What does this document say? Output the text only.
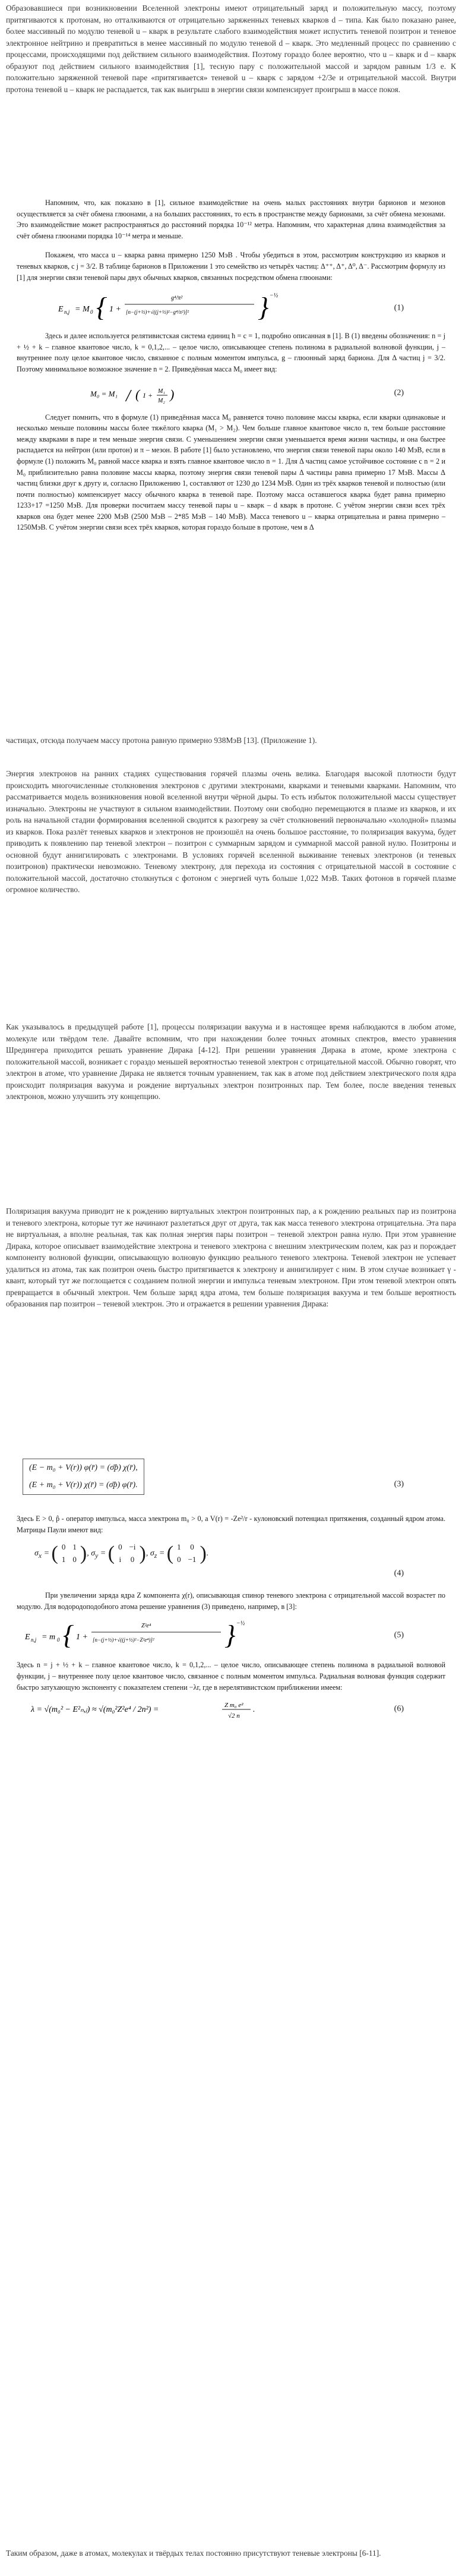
Образовавшиеся при возникновении Вселенной электроны имеют отрицательный заряд и положительную массу, поэтому притягиваются к протонам, но отталкиваются от отрицательно заряженных теневых кварков d – типа. Как было показано ранее, более массивный по модулю теневой u – кварк в результате слабого взаимодействия может испустить теневой позитрон и теневое электронное нейтрино и превратиться в менее массивный по модулю теневой d – кварк. Это медленный процесс по сравнению с процессами, происходящими под действием сильного взаимодействия. Поэтому гораздо более вероятно, что u – кварк и d – кварк образуют под действием сильного взаимодействия [1], тесную пару с положительной массой и зарядом равным 1/3 е. К положительно заряженной теневой паре «притягивается» теневой u – кварк с зарядом +2/3е и отрицательной массой. Внутри протона теневой u – кварк не распадается, так как выигрыш в энергии связи компенсирует проигрыш в массе покоя.

Напомним, что, как показано в [1], сильное взаимодействие на очень малых расстояниях внутри барионов и мезонов осуществляется за счёт обмена глюонами, а на больших расстояниях, то есть в пространстве между барионами, за счёт обмена мезонами. Это взаимодействие может распространяться до расстояний порядка 10⁻¹² метра. Напомним, что характерная длина взаимодействия за счёт обмена глюонами порядка 10⁻¹⁴ метра и меньше.

Покажем, что масса u – кварка равна примерно 1250 МэВ . Чтобы убедиться в этом, рассмотрим конструкцию из кварков и теневых кварков, с j = 3/2. В таблице барионов в Приложении 1 это семейство из четырёх частиц: Δ⁺⁺, Δ⁺, Δ⁰, Δ⁻. Рассмотрим формулу из [1] для энергии связи теневой пары двух обычных кварков, связанных посредством обмена глюонами:

E n,j = M 0 { 1 +
g⁴/π²
[n−(j+½)+√((j+½)²−g⁴/π²)]²	} −½
(1)

Здесь и далее используется релятивистская система единиц ħ = c = 1, подробно описанная в [1]. В (1) введены обозначения: n = j + ½ + k – главное квантовое число, k = 0,1,2,... – целое число, описывающее степень полинома в радиальной волновой функции, j – внутреннее полу целое квантовое число, связанное с полным моментом импульса, g – глюонный заряд бариона. Для Δ частиц j = 3/2. Поэтому минимальное возможное значение n = 2. Приведённая масса M₀ имеет вид:

M₀ = M₁ / ( 1 + M₁
M₂ )	(2)

Следует помнить, что в формуле (1) приведённая масса M₀ равняется точно половине массы кварка, если кварки одинаковые и несколько меньше половины массы более тяжёлого кварка (M₁ > M₂). Чем больше главное квантовое число n, тем больше расстояние между кварками в паре и тем меньше энергия связи. С уменьшением энергии связи уменьшается время жизни частицы, и она быстрее распадается на нейтрон (или протон) и π – мезон. В работе [1] было установлено, что энергия связи теневой пары около 140 МэВ, если в формуле (1) положить M₀ равной массе кварка и взять главное квантовое число n = 1. Для Δ частиц самое устойчивое состояние с n = 2 и M₀ приблизительно равна половине массы кварка, поэтому энергия связи теневой пары Δ частицы равна примерно 17 МэВ. Массы Δ частиц близки друг к другу и, согласно Приложению 1, составляют от 1230 до 1234 МэВ. Один из трёх кварков теневой и полностью (или почти полностью) компенсирует массу обычного кварка в теневой паре. Поэтому масса оставшегося кварка будет равна примерно 1233+17 =1250 МэВ. Для проверки посчитаем массу теневой пары u – кварк – d кварк в протоне. С учётом энергии связи всех трёх кварков она будет менее 2200 МэВ (2500 МэВ – 2*85 МэВ – 140 МэВ). Масса теневого u – кварка отрицательна и равна примерно – 1250МэВ. С учётом энергии связи всех трёх кварков, которая гораздо больше в протоне, чем в Δ

частицах, отсюда получаем массу протона равную примерно 938МэВ [13]. (Приложение 1).

Энергия электронов на ранних стадиях существования горячей плазмы очень велика. Благодаря высокой плотности будут происходить многочисленные столкновения электронов с другими электронами, кварками и теневыми кварками. Напомним, что рассматривается модель возникновения новой вселенной внутри чёрной дыры. То есть избыток положительной массы существует изначально. Электроны не участвуют в сильном взаимодействии. Поэтому они свободно перемещаются в плазме из кварков, и их роль на начальной стадии формирования вселенной сводится к разогреву за счёт столкновений первоначально «холодной» плазмы из кварков. Пока разлёт теневых кварков и электронов не произошёл на очень большое расстояние, то поляризация вакуума, будет приводить к появлению пар теневой электрон – позитрон с суммарным зарядом и суммарной массой равной нулю. Позитроны и основной будут аннигилировать с электронами. В условиях горячей вселенной выживание теневых электронов (и теневых позитронов) практически невозможно. Теневому электрону, для перехода из состояния с отрицательной массой в состояние с положительной массой, достаточно столкнуться с фотоном с энергией чуть больше 1,022 МэВ. Таких фотонов в горячей плазме огромное количество.

Как указывалось в предыдущей работе [1], процессы поляризации вакуума и в настоящее время наблюдаются в любом атоме, молекуле или твёрдом теле. Давайте вспомним, что при нахождении более точных атомных спектров, вместо уравнения Шредингера приходится решать уравнение Дирака [4-12]. При решении уравнения Дирака в атоме, кроме электрона с положительной массой, возникает с гораздо меньшей вероятностью теневой электрон с отрицательной массой. Обычно говорят, что электрон в атоме, что уравнение Дирака не является точным уравнением, так как в атоме под действием электрического поля ядра происходит поляризация вакуума и рождение виртуальных электрон позитронных пар. Тем более, после введения теневых электронов, можно улучшить эту концепцию.

Поляризация вакуума приводит не к рождению виртуальных электрон позитронных пар, а к рождению реальных пар из позитрона и теневого электрона, которые тут же начинают разлетаться друг от друга, так как масса теневого электрона отрицательна. Эта пара не виртуальная, а вполне реальная, так как полная энергия пары позитрон – теневой электрон равна нулю. При этом уравнение Дирака, которое описывает взаимодействие электрона и теневого электрона с внешним электрическим полем, как раз и порождает компоненту волновой функции, описывающую волновую функцию реального теневого электрона. Теневой электрон не успевает удалиться из атома, так как позитрон очень быстро притягивается к электрону и аннигилирует с ним. В этом случае возникает γ - квант, который тут же поглощается с созданием полной энергии и импульса теневым электроном. При этом теневой электрон опять превращается в обычный электрон. Чем больше заряд ядра атома, тем больше поляризация вакуума и тем больше вероятность образования пар позитрон – теневой электрон. Это и отражается в решении уравнения Дирака:

(E − m₀ + V(r)) φ(r̄) = (σ̄p̂) χ(r̄),
(E + m₀ + V(r)) χ(r̄) = (σ̄p̂) φ(r̄).	(3)

Здесь E > 0, p̂ - оператор импульса, масса электрона m₀ > 0, a V(r) = -Ze²/r - кулоновский потенциал притяжения, созданный ядром атома. Матрицы Паули имеют вид:

$\sigma_x$ = ( 0	1
1	0 ), $\sigma_y$ = ( 0	−i
i	0 ), $\sigma_z$ = ( 1	0
0	−1 ).
(4)

При увеличении заряда ядра Z компонента χ(r), описывающая спинор теневого электрона с отрицательной массой возрастет по модулю. Для водородоподобного атома решение уравнения (3) приведено, например, в [3]:

E n,j = m 0 { 1 +
Z²e⁴
[n−(j+½)+√((j+½)²−Z²e⁴)]²	} −½
(5)

Здесь n = j + ½ + k – главное квантовое число, k = 0,1,2,... – целое число, описывающее степень полинома в радиальной волновой функции, j – внутреннее полу целое квантовое число, связанное с полным моментом импульса. Радиальная волновая функция содержит быстро затухающую экспоненту с показателем степени −λr, где в нерелятивистском приближении имеем:

λ = √(m₀² − E²ₙ,ⱼ) ≈ √(m₀²Z²e⁴ / 2n²) =	Z m₀ e²
√2 n
.	(6)

Таким образом, даже в атомах, молекулах и твёрдых телах постоянно присутствуют теневые электроны [6-11].
